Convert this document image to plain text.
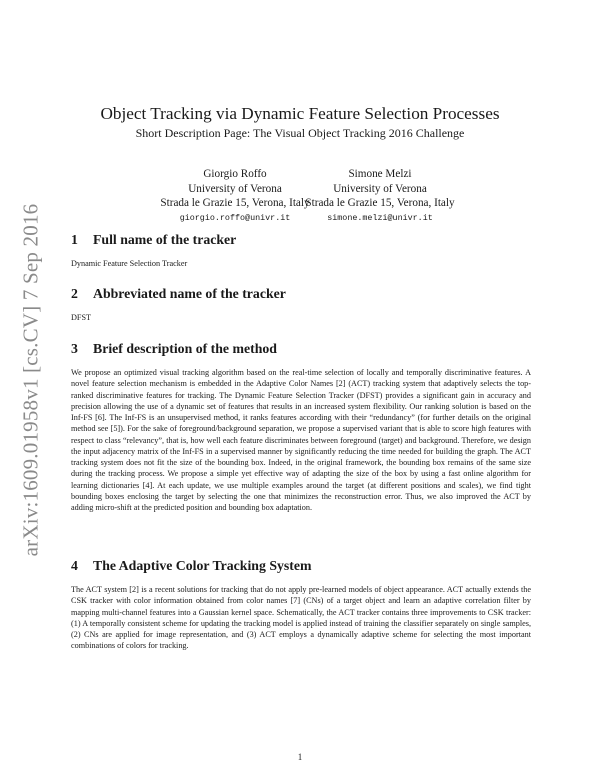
arXiv:1609.01958v1 [cs.CV] 7 Sep 2016
Object Tracking via Dynamic Feature Selection Processes

Short Description Page: The Visual Object Tracking 2016 Challenge

Giorgio Roffo
University of Verona
Strada le Grazie 15, Verona, Italy
giorgio.roffo@univr.it
Simone Melzi
University of Verona
Strada le Grazie 15, Verona, Italy
simone.melzi@univr.it
1 Full name of the tracker

Dynamic Feature Selection Tracker

2 Abbreviated name of the tracker

DFST

3 Brief description of the method

We propose an optimized visual tracking algorithm based on the real-time selection of locally and temporally discriminative features. A novel feature selection mechanism is embedded in the Adaptive Color Names [2] (ACT) tracking system that adaptively selects the top-ranked discriminative features for tracking. The Dynamic Feature Selection Tracker (DFST) provides a significant gain in accuracy and precision allowing the use of a dynamic set of features that results in an increased system flexibility. Our ranking solution is based on the Inf-FS [6]. The Inf-FS is an unsupervised method, it ranks features according with their “redundancy” (for further details on the original method see [5]). For the sake of foreground/background separation, we propose a supervised variant that is able to score high features with respect to class “relevancy”, that is, how well each feature discriminates between foreground (target) and background. Therefore, we design the input adjacency matrix of the Inf-FS in a supervised manner by significantly reducing the time needed for building the graph. The ACT tracking system does not fit the size of the bounding box. Indeed, in the original framework, the bounding box remains of the same size during the tracking process. We propose a simple yet effective way of adapting the size of the box by using a fast online algorithm for learning dictionaries [4]. At each update, we use multiple examples around the target (at different positions and scales), we find tight bounding boxes enclosing the target by selecting the one that minimizes the reconstruction error. Thus, we also improved the ACT by adding micro-shift at the predicted position and bounding box adaptation.

4 The Adaptive Color Tracking System

The ACT system [2] is a recent solutions for tracking that do not apply pre-learned models of object appearance. ACT actually extends the CSK tracker with color information obtained from color names [7] (CNs) of a target object and learn an adaptive correlation filter by mapping multi-channel features into a Gaussian kernel space. Schematically, the ACT tracker contains three improvements to CSK tracker: (1) A temporally consistent scheme for updating the tracking model is applied instead of training the classifier separately on single samples, (2) CNs are applied for image representation, and (3) ACT employs a dynamically adaptive scheme for selecting the most important combinations of colors for tracking.

1
